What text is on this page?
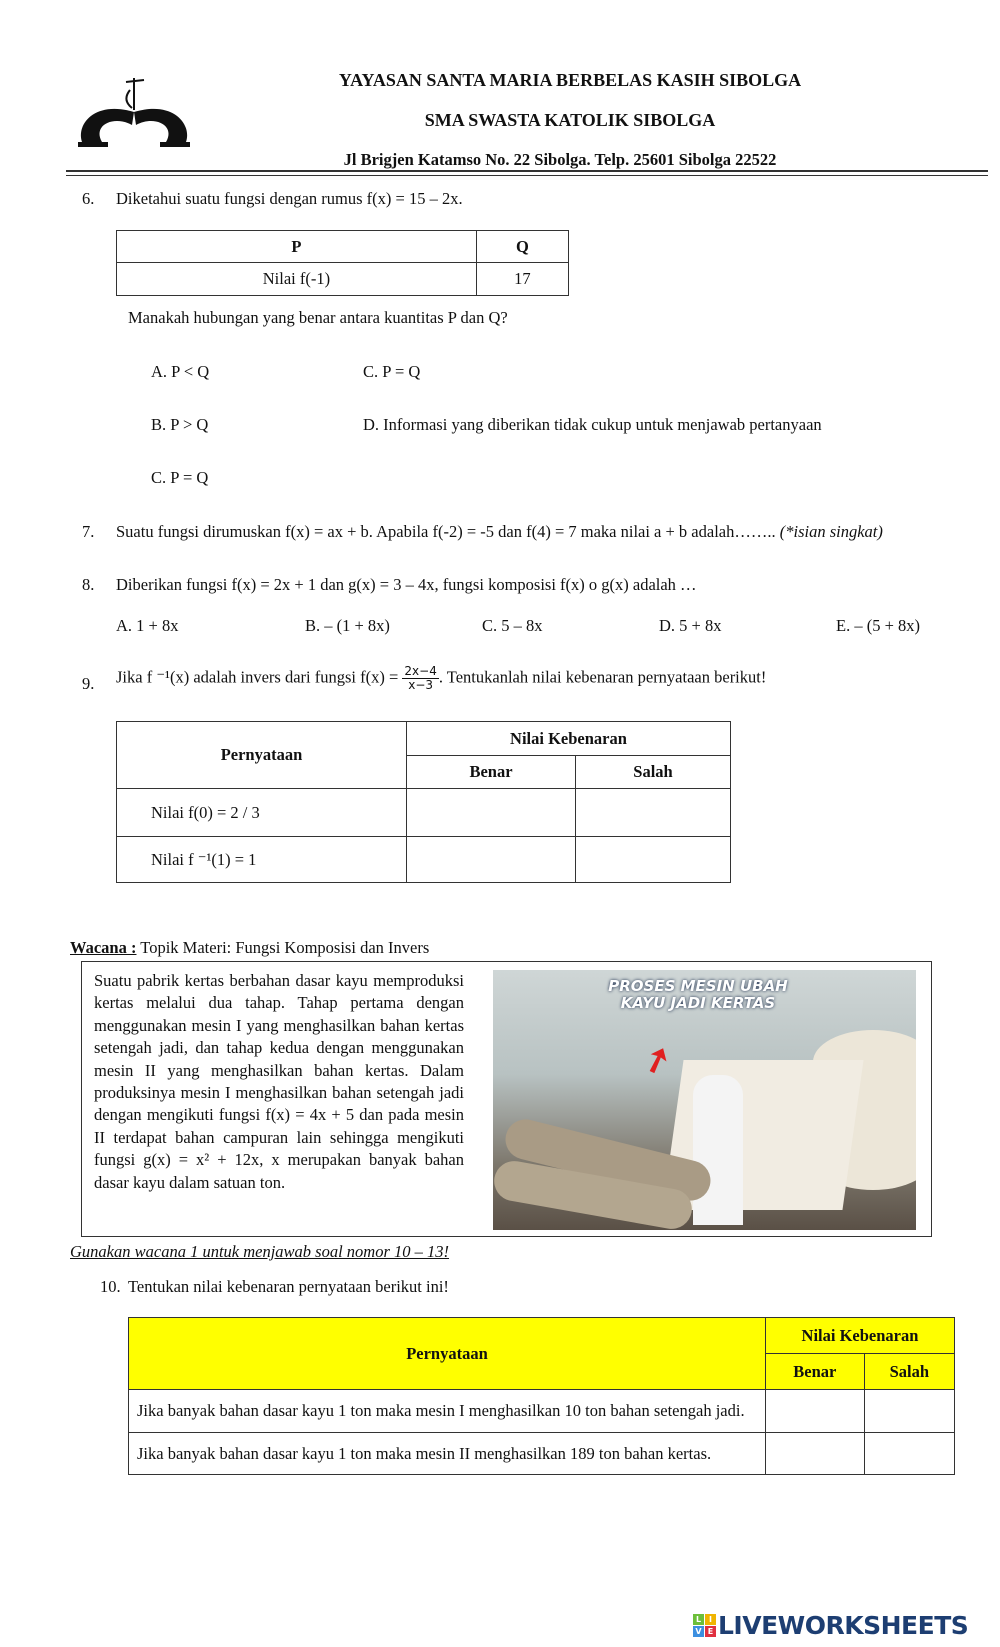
YAYASAN SANTA MARIA BERBELAS KASIH SIBOLGA
SMA SWASTA KATOLIK SIBOLGA
Jl Brigjen Katamso No. 22 Sibolga. Telp. 25601 Sibolga 22522
6. Diketahui suatu fungsi dengan rumus f(x) = 15 – 2x.
P	Q
Nilai f(-1)	17
Manakah hubungan yang benar antara kuantitas P dan Q?
A. P < Q	C. P = Q
B. P > Q	D. Informasi yang diberikan tidak cukup untuk menjawab pertanyaan
C. P = Q
7. Suatu fungsi dirumuskan f(x) = ax + b. Apabila f(-2) = -5 dan f(4) = 7 maka nilai a + b adalah…….. (*isian singkat)
8. Diberikan fungsi f(x) = 2x + 1 dan g(x) = 3 – 4x, fungsi komposisi f(x) o g(x) adalah …
A. 1 + 8x	B. – (1 + 8x)	C. 5 – 8x	D. 5 + 8x	E. – (5 + 8x)
9. Jika f ⁻¹(x) adalah invers dari fungsi $f(x) = \frac{2x-4}{x-3}$ . Tentukanlah nilai kebenaran pernyataan berikut!
Pernyataan	Nilai Kebenaran	
	Benar	Salah
Nilai f(0) = 2 / 3		
Nilai f ⁻¹(1) = 1		
Wacana : Topik Materi: Fungsi Komposisi dan Invers
Suatu pabrik kertas berbahan dasar kayu memproduksi kertas melalui dua tahap. Tahap pertama dengan menggunakan mesin I yang menghasilkan bahan kertas setengah jadi, dan tahap kedua dengan menggunakan mesin II yang menghasilkan bahan kertas. Dalam produksinya mesin I menghasilkan bahan setengah jadi dengan mengikuti fungsi f(x) = 4x + 5 dan pada mesin II terdapat bahan campuran lain sehingga mengikuti fungsi g(x) = x² + 12x, x merupakan banyak bahan dasar kayu dalam satuan ton.
PROSES MESIN UBAH
KAYU JADI KERTAS
➚
Gunakan wacana 1 untuk menjawab soal nomor 10 – 13!
10. Tentukan nilai kebenaran pernyataan berikut ini!
Pernyataan	Nilai Kebenaran	
	Benar	Salah
Jika banyak bahan dasar kayu 1 ton maka mesin I menghasilkan 10 ton bahan setengah jadi.		
Jika banyak bahan dasar kayu 1 ton maka mesin II menghasilkan 189 ton bahan kertas.		
L I
V E LIVEWORKSHEETS
